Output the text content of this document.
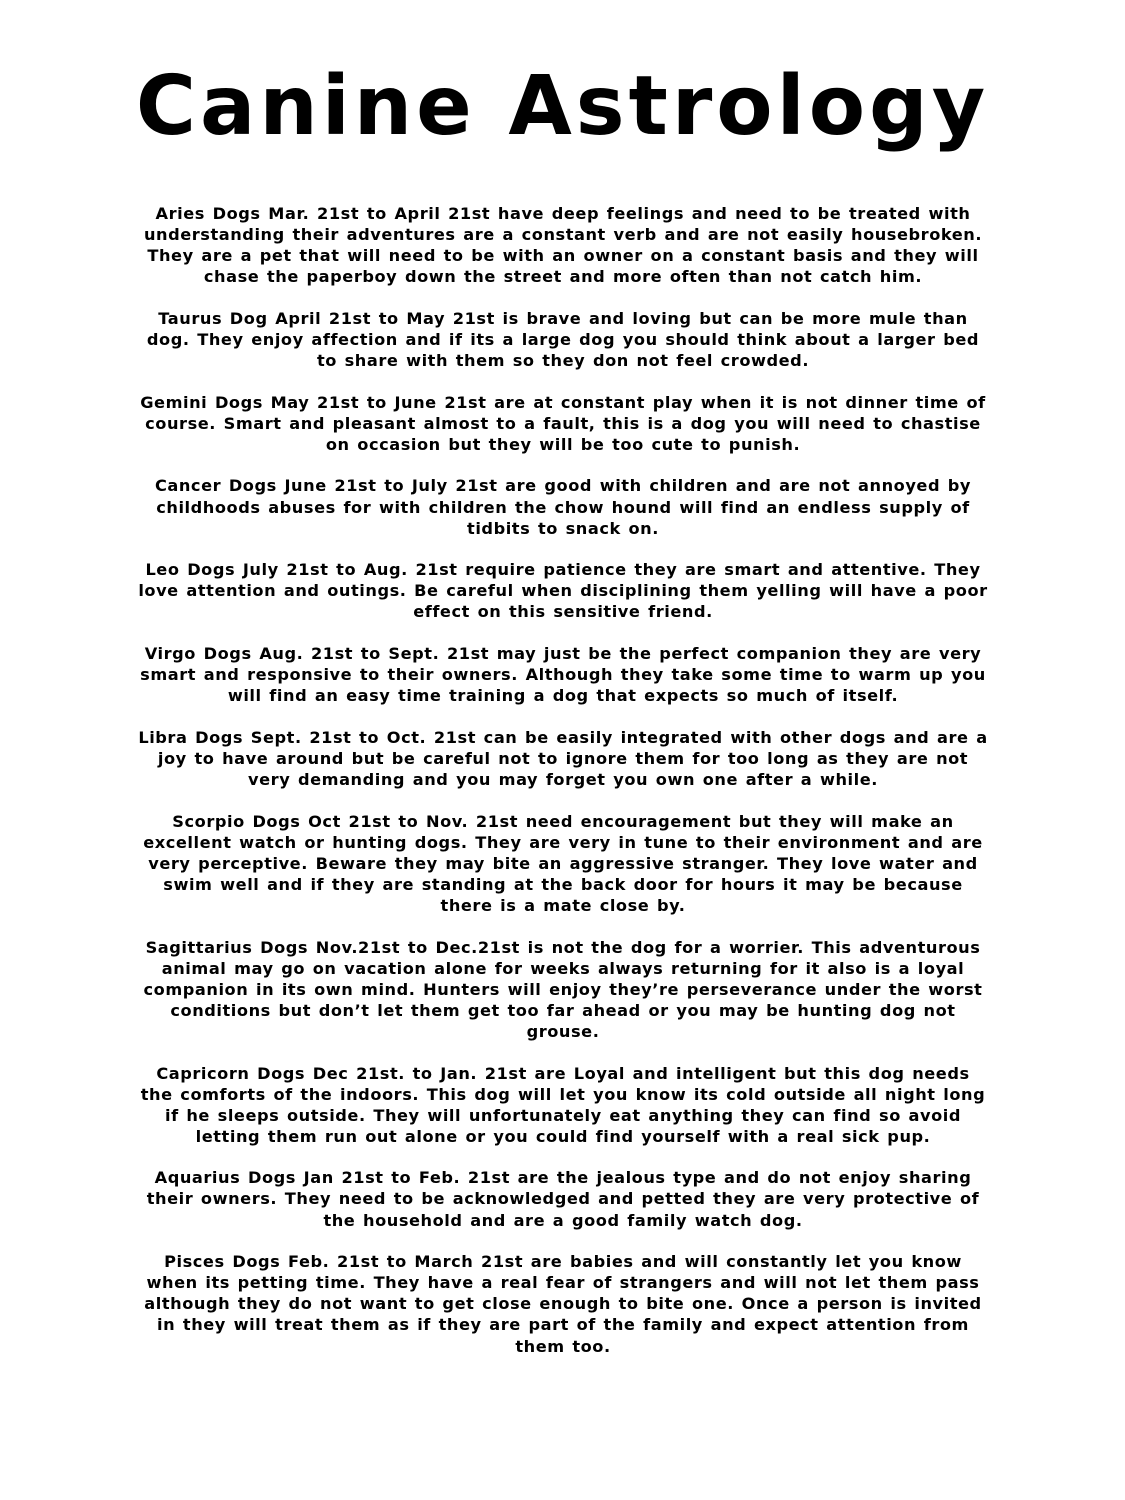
Canine Astrology

Aries Dogs Mar. 21st to April 21st have deep feelings and need to be treated with understanding their adventures are a constant verb and are not easily housebroken. They are a pet that will need to be with an owner on a constant basis and they will chase the paperboy down the street and more often than not catch him.

Taurus Dog April 21st to May 21st is brave and loving but can be more mule than dog. They enjoy affection and if its a large dog you should think about a larger bed to share with them so they don not feel crowded.

Gemini Dogs May 21st to June 21st are at constant play when it is not dinner time of course. Smart and pleasant almost to a fault, this is a dog you will need to chastise on occasion but they will be too cute to punish.

Cancer Dogs June 21st to July 21st are good with children and are not annoyed by childhoods abuses for with children the chow hound will find an endless supply of tidbits to snack on.

Leo Dogs July 21st to Aug. 21st require patience they are smart and attentive. They love attention and outings. Be careful when disciplining them yelling will have a poor effect on this sensitive friend.

Virgo Dogs Aug. 21st to Sept. 21st may just be the perfect companion they are very smart and responsive to their owners. Although they take some time to warm up you will find an easy time training a dog that expects so much of itself.

Libra Dogs Sept. 21st to Oct. 21st can be easily integrated with other dogs and are a joy to have around but be careful not to ignore them for too long as they are not very demanding and you may forget you own one after a while.

Scorpio Dogs Oct 21st to Nov. 21st need encouragement but they will make an excellent watch or hunting dogs. They are very in tune to their environment and are very perceptive. Beware they may bite an aggressive stranger. They love water and swim well and if they are standing at the back door for hours it may be because there is a mate close by.

Sagittarius Dogs Nov.21st to Dec.21st is not the dog for a worrier. This adventurous animal may go on vacation alone for weeks always returning for it also is a loyal companion in its own mind. Hunters will enjoy they’re perseverance under the worst conditions but don’t let them get too far ahead or you may be hunting dog not grouse.

Capricorn Dogs Dec 21st. to Jan. 21st are Loyal and intelligent but this dog needs the comforts of the indoors. This dog will let you know its cold outside all night long if he sleeps outside. They will unfortunately eat anything they can find so avoid letting them run out alone or you could find yourself with a real sick pup.

Aquarius Dogs Jan 21st to Feb. 21st are the jealous type and do not enjoy sharing their owners. They need to be acknowledged and petted they are very protective of the household and are a good family watch dog.

Pisces Dogs Feb. 21st to March 21st are babies and will constantly let you know when its petting time. They have a real fear of strangers and will not let them pass although they do not want to get close enough to bite one. Once a person is invited in they will treat them as if they are part of the family and expect attention from them too.
